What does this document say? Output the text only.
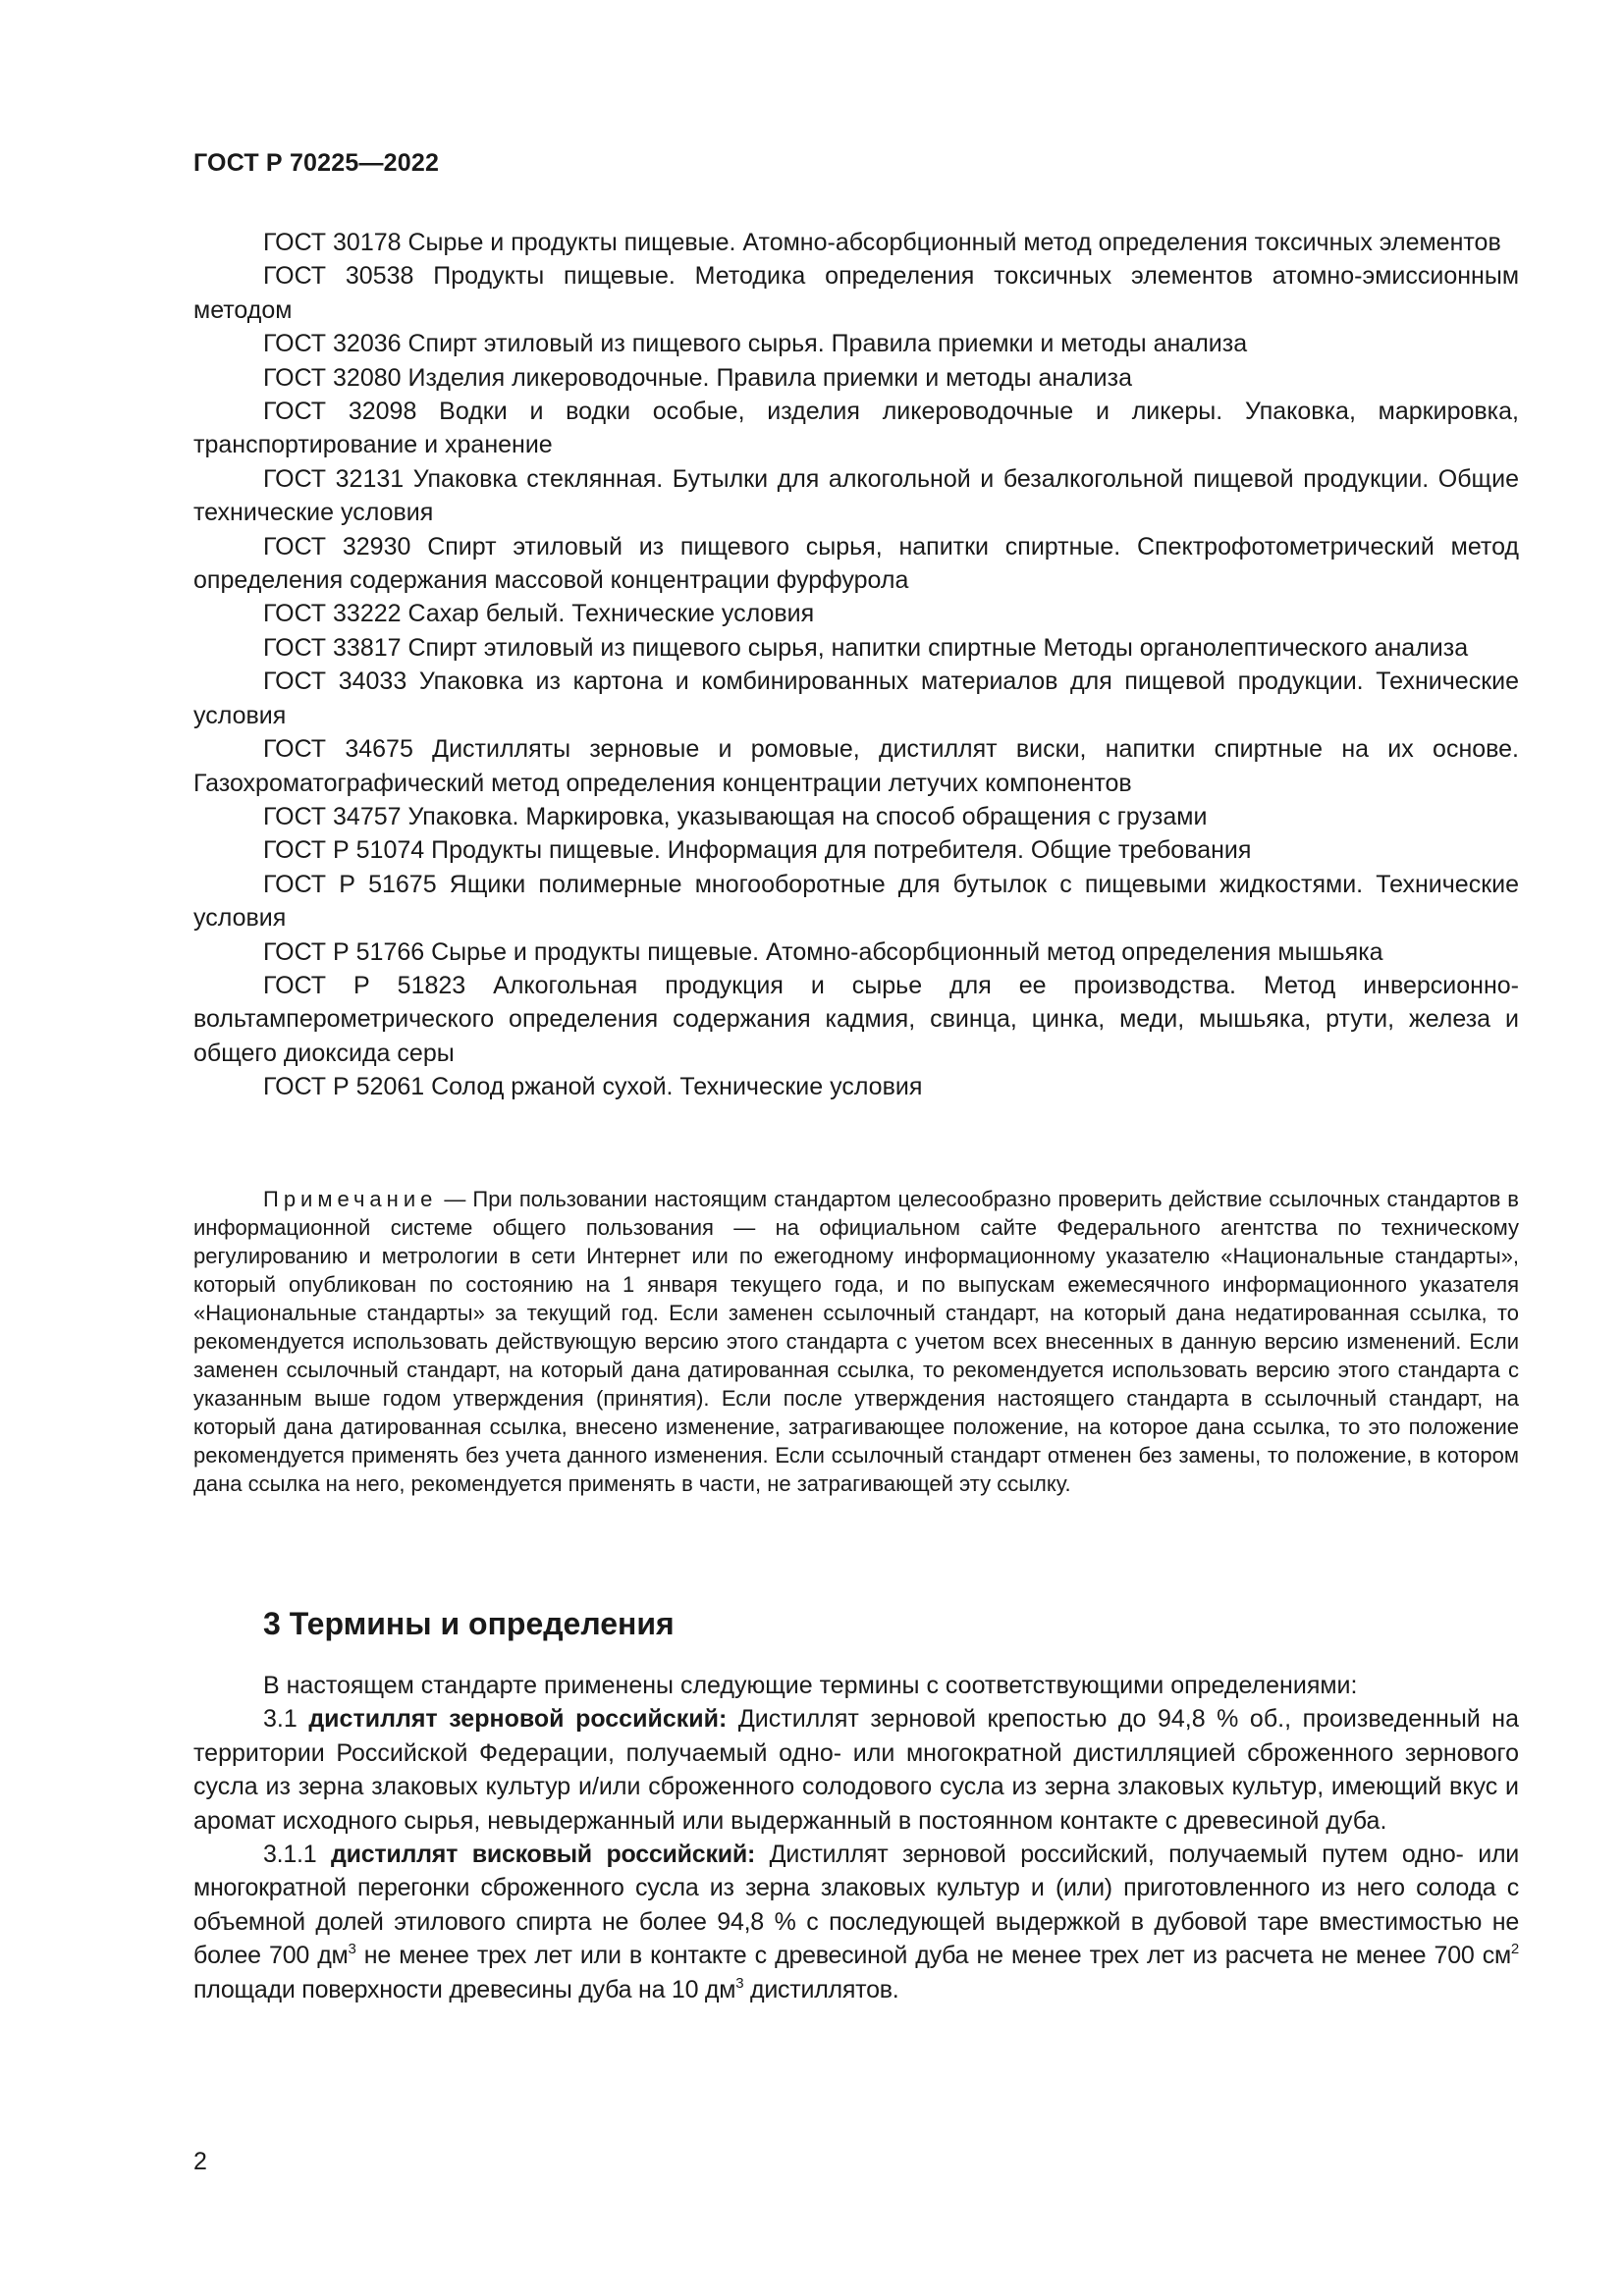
ГОСТ Р 70225—2022

ГОСТ 30178 Сырье и продукты пищевые. Атомно-абсорбционный метод определения токсичных элементов

ГОСТ 30538 Продукты пищевые. Методика определения токсичных элементов атомно-эмиссионным методом

ГОСТ 32036 Спирт этиловый из пищевого сырья. Правила приемки и методы анализа

ГОСТ 32080 Изделия ликероводочные. Правила приемки и методы анализа

ГОСТ 32098 Водки и водки особые, изделия ликероводочные и ликеры. Упаковка, маркировка, транспортирование и хранение

ГОСТ 32131 Упаковка стеклянная. Бутылки для алкогольной и безалкогольной пищевой продукции. Общие технические условия

ГОСТ 32930 Спирт этиловый из пищевого сырья, напитки спиртные. Спектрофотометрический метод определения содержания массовой концентрации фурфурола

ГОСТ 33222 Сахар белый. Технические условия

ГОСТ 33817 Спирт этиловый из пищевого сырья, напитки спиртные Методы органолептического анализа

ГОСТ 34033 Упаковка из картона и комбинированных материалов для пищевой продукции. Технические условия

ГОСТ 34675 Дистилляты зерновые и ромовые, дистиллят виски, напитки спиртные на их основе. Газохроматографический метод определения концентрации летучих компонентов

ГОСТ 34757 Упаковка. Маркировка, указывающая на способ обращения с грузами

ГОСТ Р 51074 Продукты пищевые. Информация для потребителя. Общие требования

ГОСТ Р 51675 Ящики полимерные многооборотные для бутылок с пищевыми жидкостями. Технические условия

ГОСТ Р 51766 Сырье и продукты пищевые. Атомно-абсорбционный метод определения мышьяка

ГОСТ Р 51823 Алкогольная продукция и сырье для ее производства. Метод инверсионно-вольтамперометрического определения содержания кадмия, свинца, цинка, меди, мышьяка, ртути, железа и общего диоксида серы

ГОСТ Р 52061 Солод ржаной сухой. Технические условия

Примечание — При пользовании настоящим стандартом целесообразно проверить действие ссылочных стандартов в информационной системе общего пользования — на официальном сайте Федерального агентства по техническому регулированию и метрологии в сети Интернет или по ежегодному информационному указателю «Национальные стандарты», который опубликован по состоянию на 1 января текущего года, и по выпускам ежемесячного информационного указателя «Национальные стандарты» за текущий год. Если заменен ссылочный стандарт, на который дана недатированная ссылка, то рекомендуется использовать действующую версию этого стандарта с учетом всех внесенных в данную версию изменений. Если заменен ссылочный стандарт, на который дана датированная ссылка, то рекомендуется использовать версию этого стандарта с указанным выше годом утверждения (принятия). Если после утверждения настоящего стандарта в ссылочный стандарт, на который дана датированная ссылка, внесено изменение, затрагивающее положение, на которое дана ссылка, то это положение рекомендуется применять без учета данного изменения. Если ссылочный стандарт отменен без замены, то положение, в котором дана ссылка на него, рекомендуется применять в части, не затрагивающей эту ссылку.

3 Термины и определения

В настоящем стандарте применены следующие термины с соответствующими определениями:

3.1 дистиллят зерновой российский: Дистиллят зерновой крепостью до 94,8 % об., произведенный на территории Российской Федерации, получаемый одно- или многократной дистилляцией сброженного зернового сусла из зерна злаковых культур и/или сброженного солодового сусла из зерна злаковых культур, имеющий вкус и аромат исходного сырья, невыдержанный или выдержанный в постоянном контакте с древесиной дуба.

3.1.1 дистиллят висковый российский: Дистиллят зерновой российский, получаемый путем одно- или многократной перегонки сброженного сусла из зерна злаковых культур и (или) приготовленного из него солода с объемной долей этилового спирта не более 94,8 % с последующей выдержкой в дубовой таре вместимостью не более 700 $дм^3$ не менее трех лет или в контакте с древесиной дуба не менее трех лет из расчета не менее 700 $см^2$ площади поверхности древесины дуба на 10 $дм^3$ дистиллятов.

2
